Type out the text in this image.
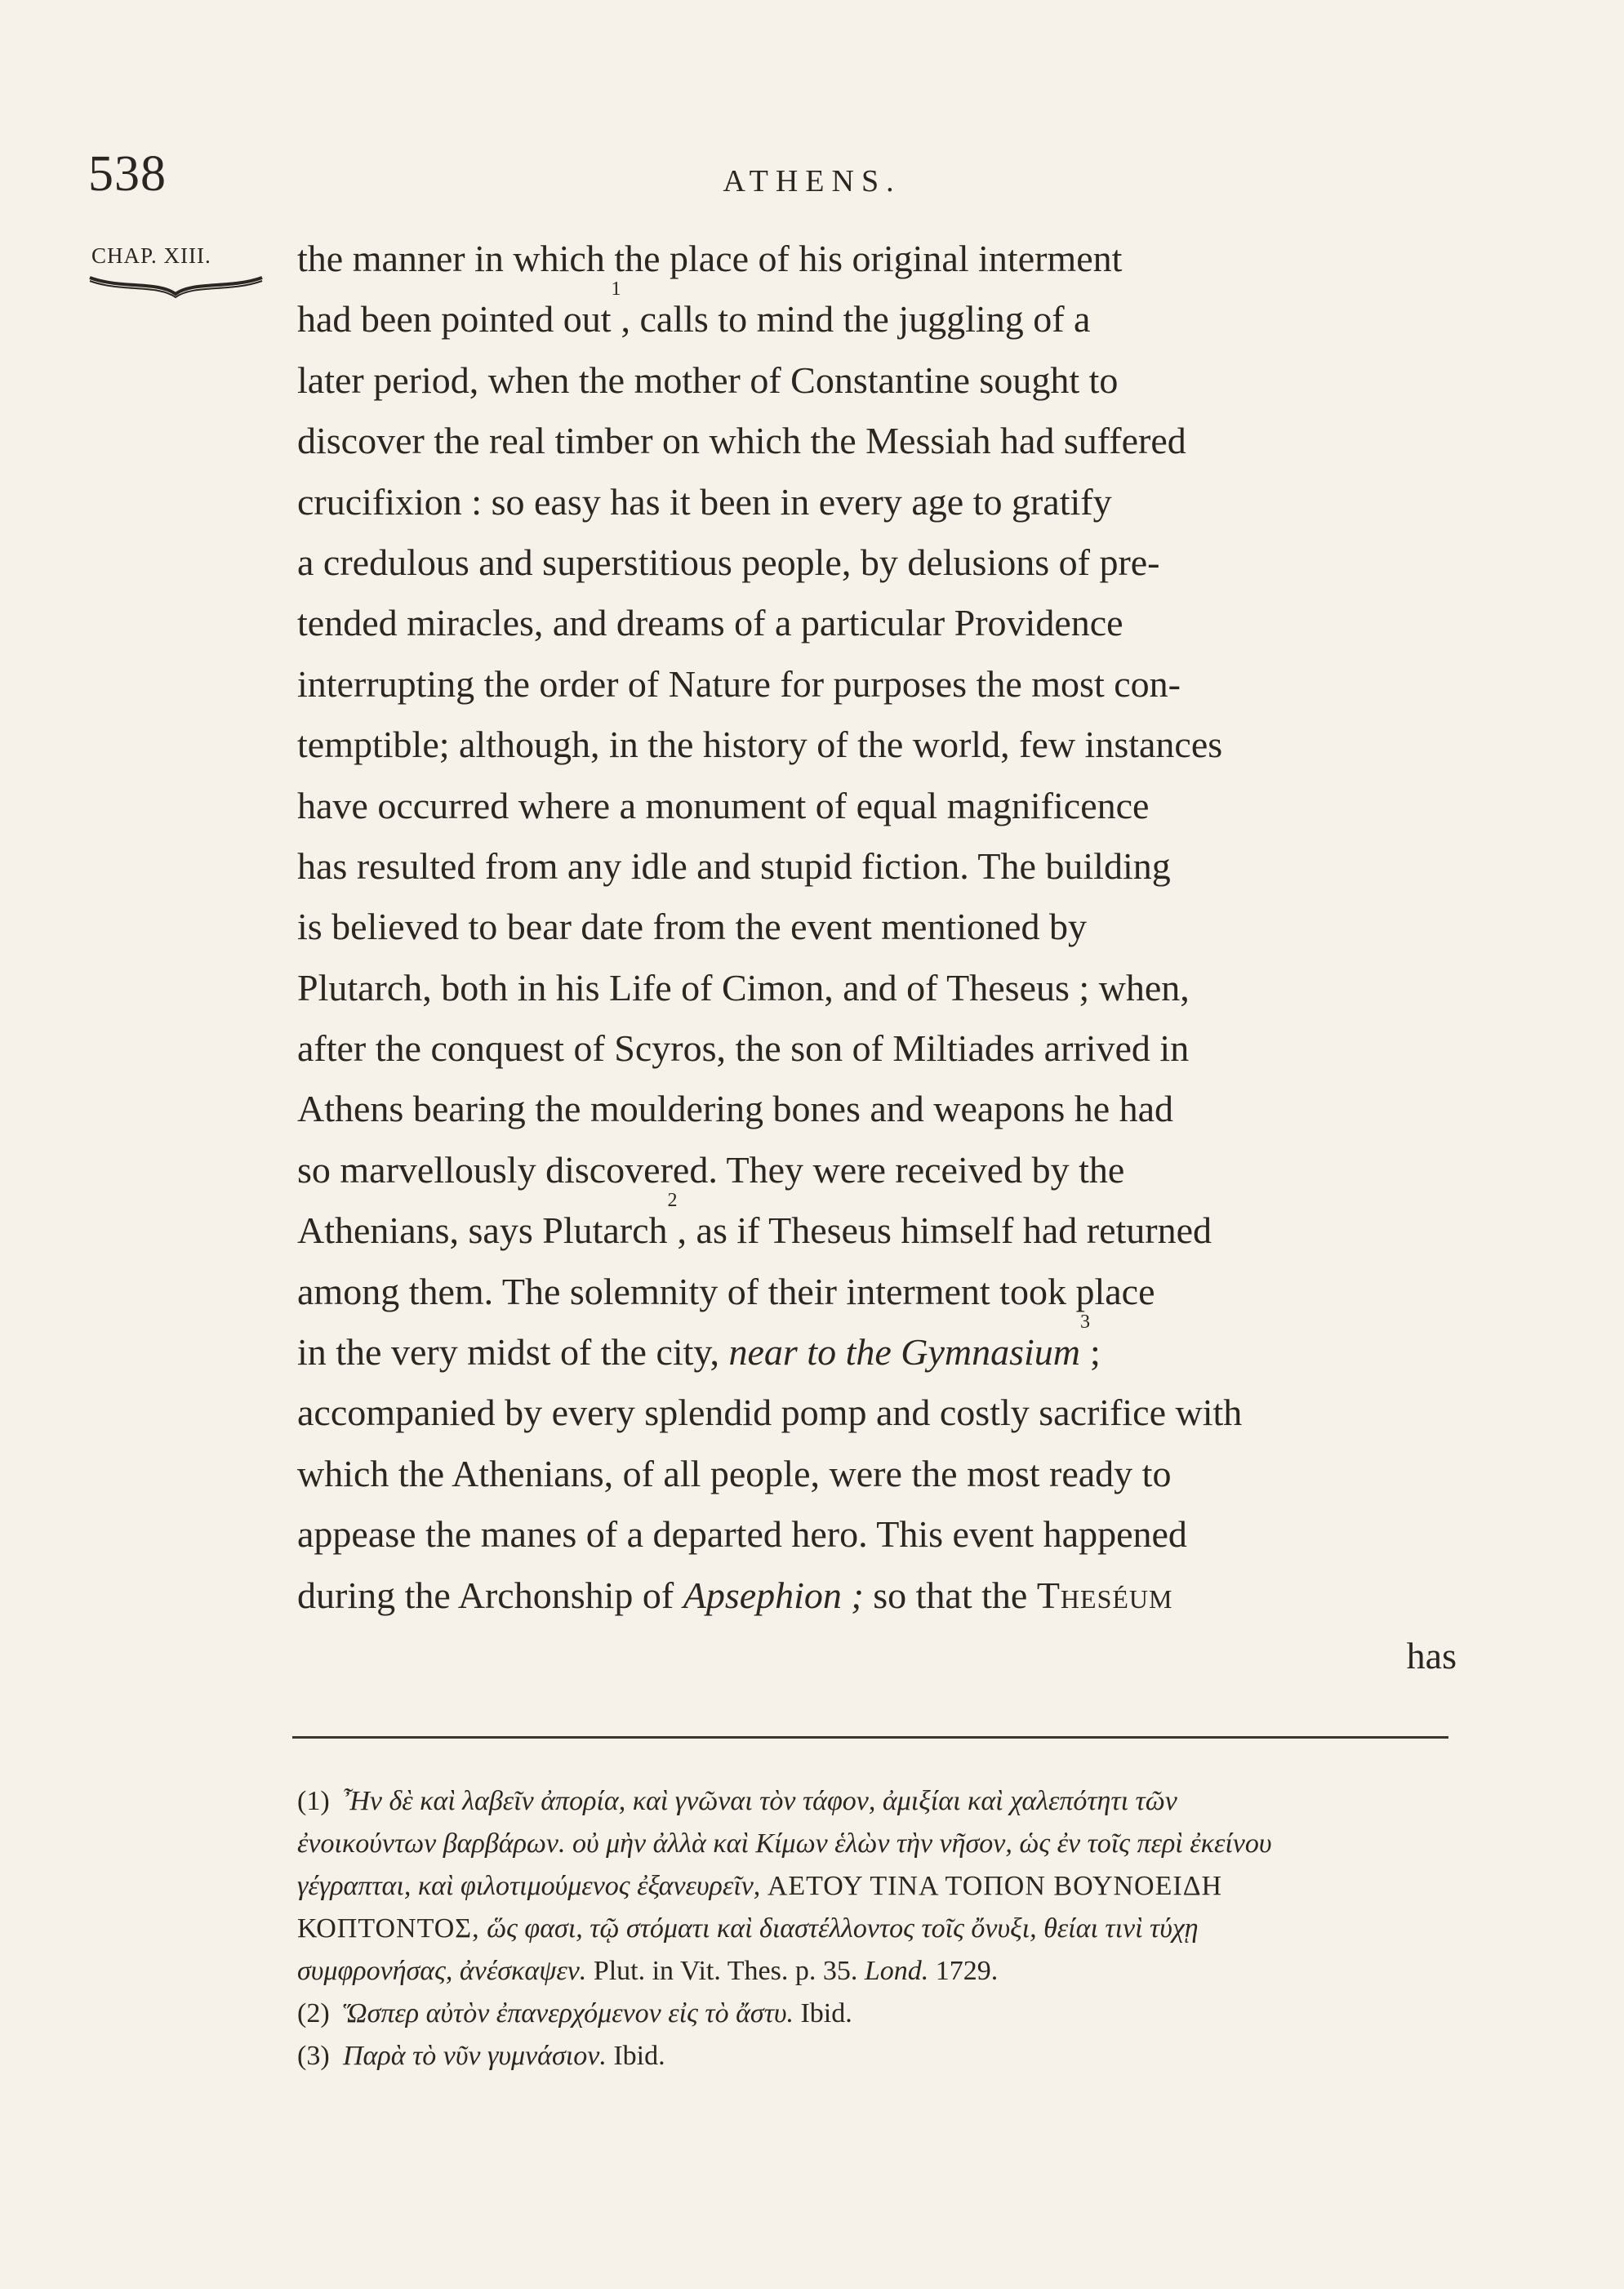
538	ATHENS.
CHAP. XIII.	the manner in which the place of his original interment
had been pointed out
1
, calls to mind the juggling of a
later period, when the mother of Constantine sought to
discover the real timber on which the Messiah had suffered
crucifixion : so easy has it been in every age to gratify
a credulous and superstitious people, by delusions of pre-
tended miracles, and dreams of a particular Providence
interrupting the order of Nature for purposes the most con-
temptible; although, in the history of the world, few instances
have occurred where a monument of equal magnificence
has resulted from any idle and stupid fiction. The building
is believed to bear date from the event mentioned by
Plutarch, both in his Life of Cimon, and of Theseus ; when,
after the conquest of Scyros, the son of Miltiades arrived in
Athens bearing the mouldering bones and weapons he had
so marvellously discovered. They were received by the
Athenians, says Plutarch
2
, as if Theseus himself had returned
among them. The solemnity of their interment took place
in the very midst of the city, near to the Gymnasium
3
;
accompanied by every splendid pomp and costly sacrifice with
which the Athenians, of all people, were the most ready to
appease the manes of a departed hero. This event happened
during the Archonship of Apsephion ; so that the Theséum
has
(1) Ἦν δὲ καὶ λαβεῖν ἀπορία, καὶ γνῶναι τὸν τάφον, ἀμιξίαι καὶ χαλεπότητι τῶν
ἐνοικούντων βαρβάρων. οὐ μὴν ἀλλὰ καὶ Κίμων ἑλὼν τὴν νῆσον, ὡς ἐν τοῖς περὶ ἐκείνου
γέγραπται, καὶ φιλοτιμούμενος ἐξανευρεῖν, ΑΕΤΟΥ ΤΙΝΑ ΤΟΠΟΝ ΒΟΥΝΟΕΙΔΗ
ΚΟΠΤΟΝΤΟΣ, ὥς φασι, τῷ στόματι καὶ διαστέλλοντος τοῖς ὄνυξι, θείαι τινὶ τύχῃ
συμφρονήσας, ἀνέσκαψεν. Plut. in Vit. Thes. p. 35. Lond. 1729.
(2) Ὥσπερ αὐτὸν ἐπανερχόμενον εἰς τὸ ἄστυ. Ibid.
(3) Παρὰ τὸ νῦν γυμνάσιον. Ibid.
